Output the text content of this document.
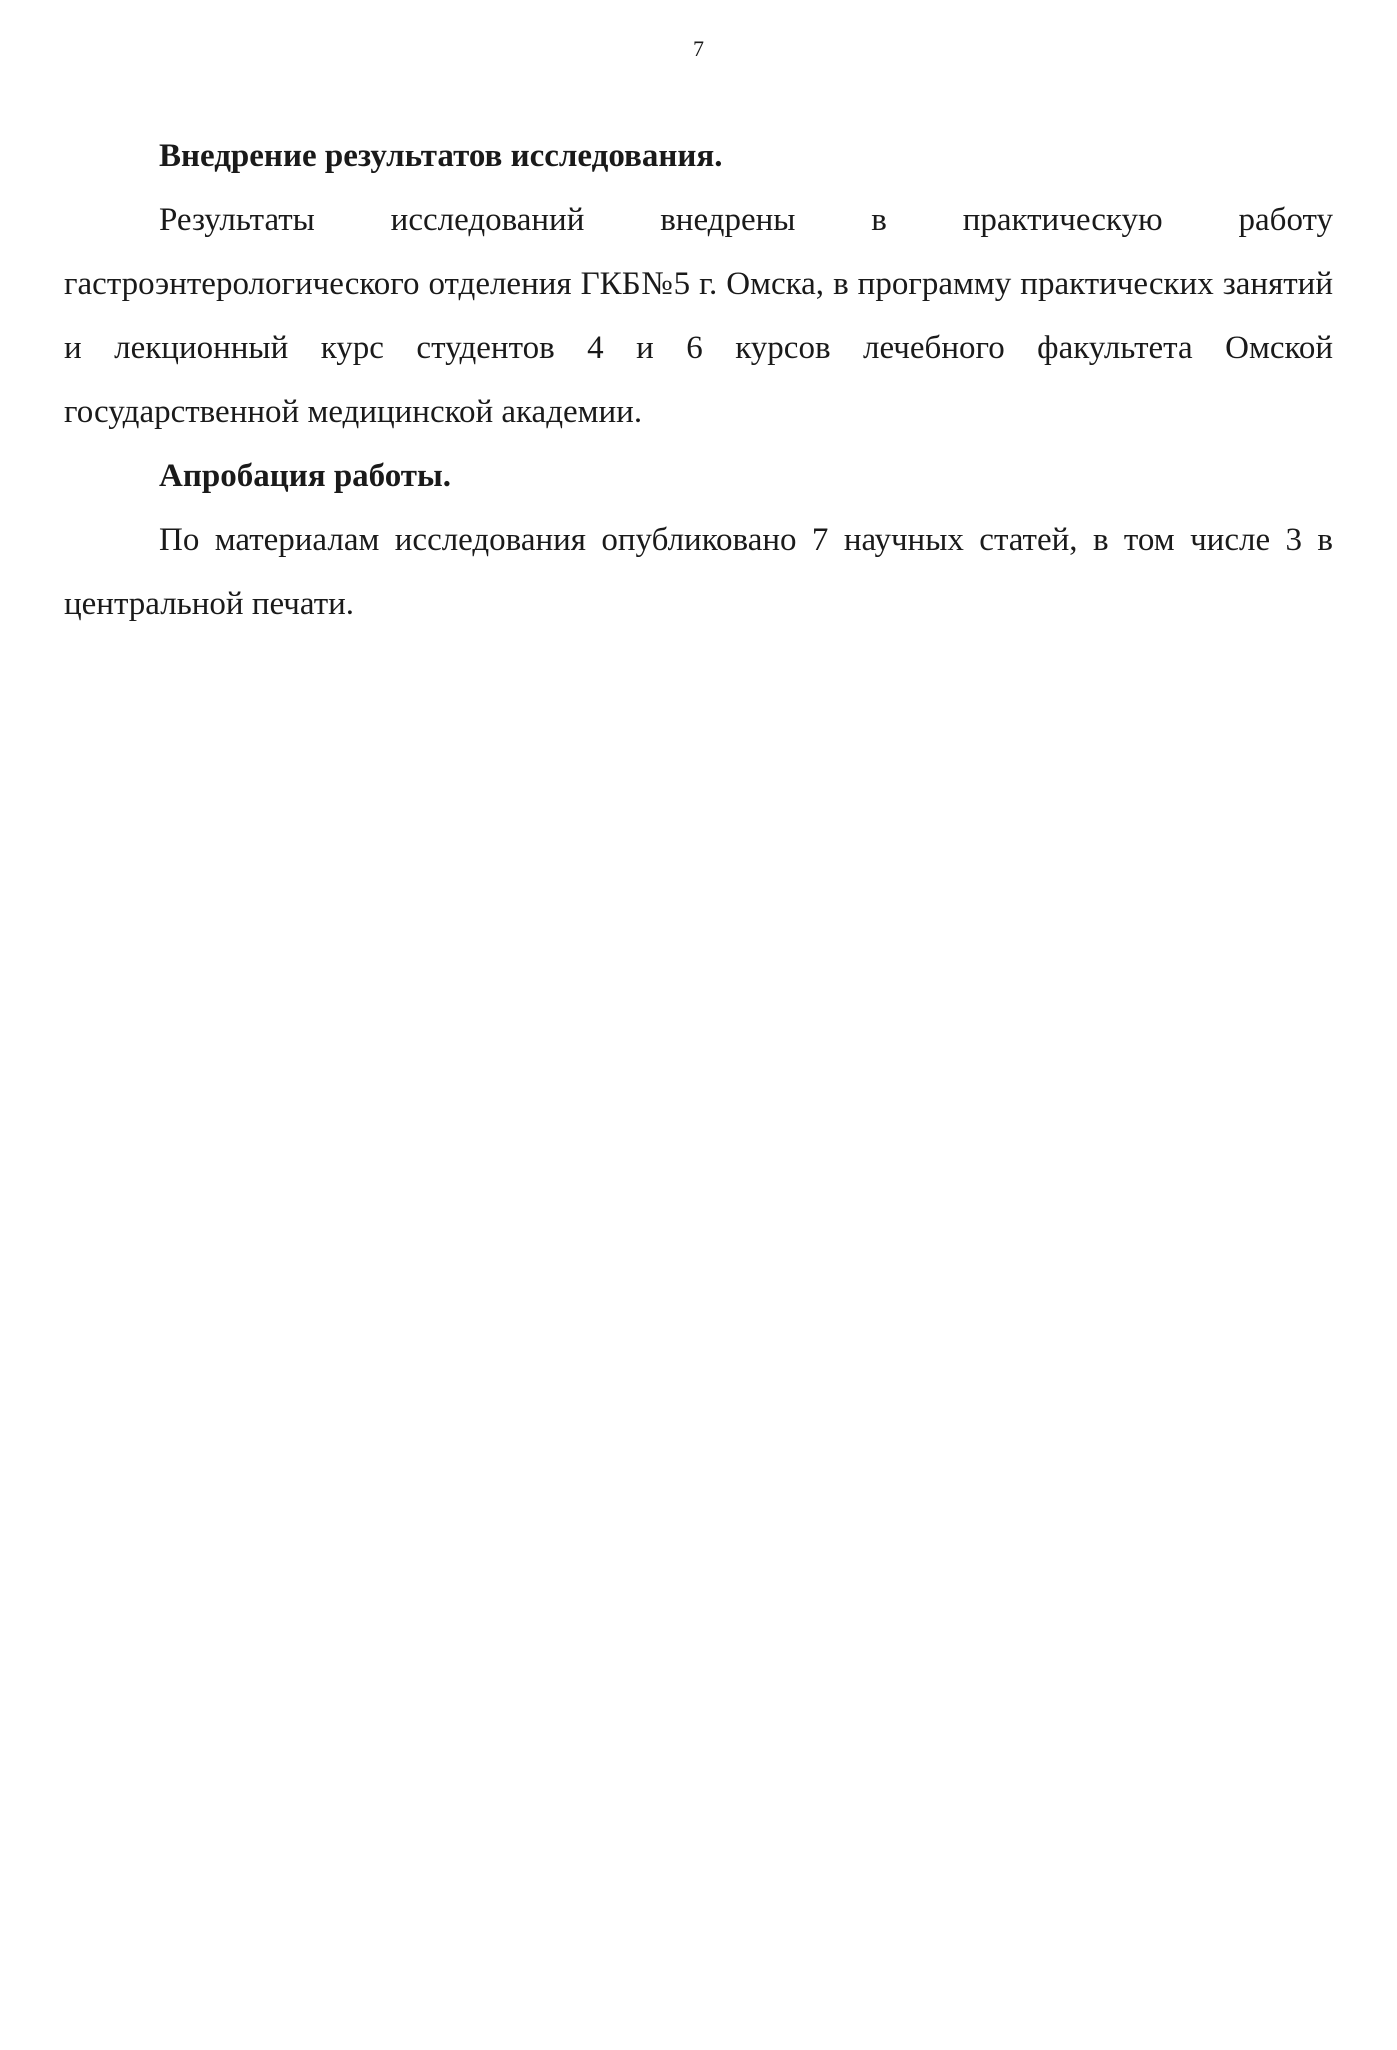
7
Внедрение результатов исследования.

Результаты исследований внедрены в практическую работу гастроэнтерологического отделения ГКБ№5 г. Омска, в программу практических занятий и лекционный курс студентов 4 и 6 курсов лечебного факультета Омской государственной медицинской академии.

Апробация работы.

По материалам исследования опубликовано 7 научных статей, в том числе 3 в центральной печати.
